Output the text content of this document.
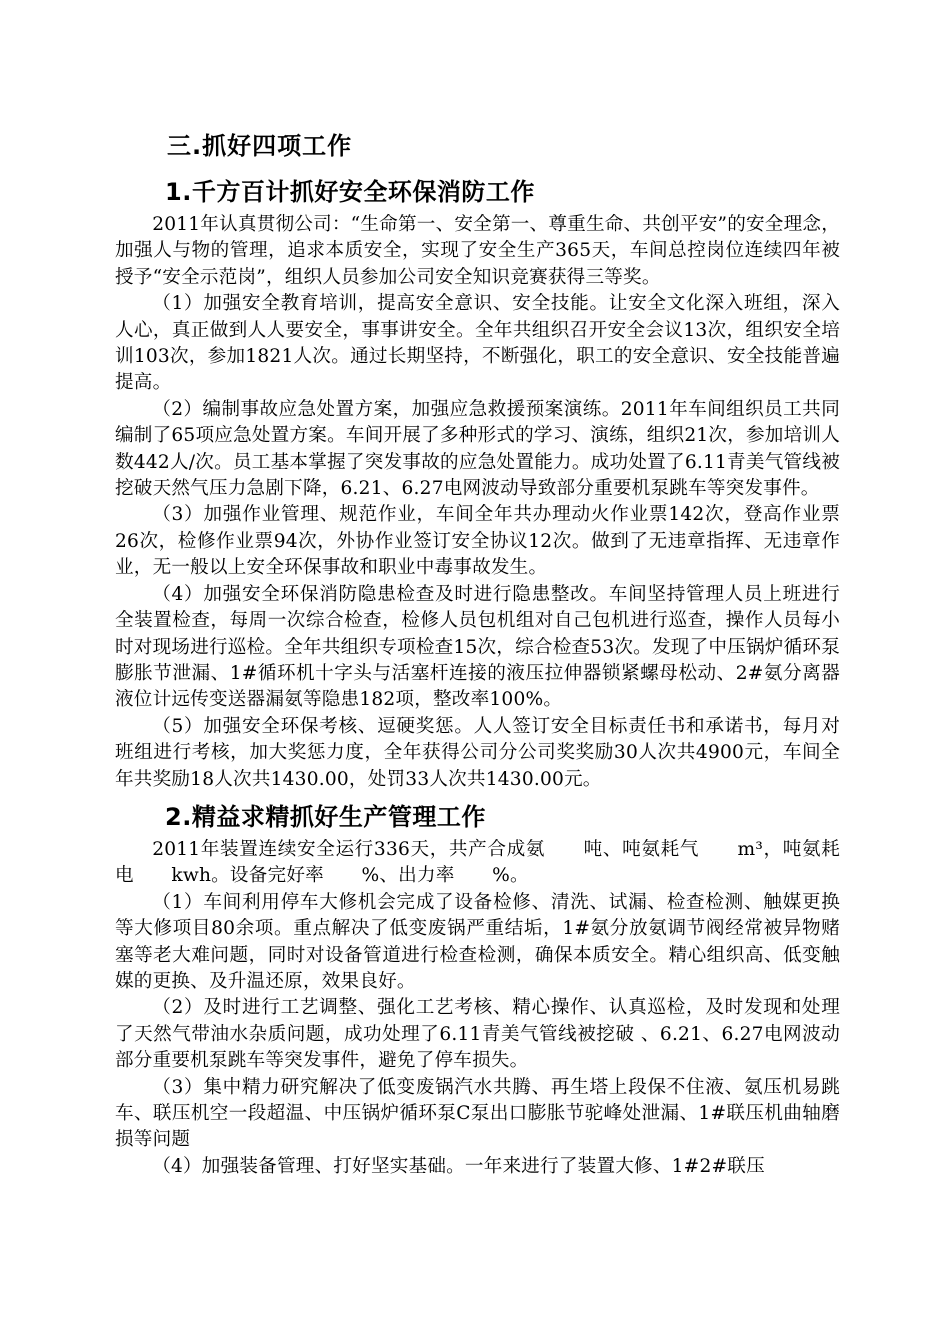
三.抓好四项工作
1.千方百计抓好安全环保消防工作

2011年认真贯彻公司：“生命第一、安全第一、尊重生命、共创平安”的安全理念，加强人与物的管理，追求本质安全，实现了安全生产365天，车间总控岗位连续四年被授予“安全示范岗”，组织人员参加公司安全知识竞赛获得三等奖。

（1）加强安全教育培训，提高安全意识、安全技能。让安全文化深入班组，深入人心，真正做到人人要安全，事事讲安全。全年共组织召开安全会议13次，组织安全培训103次，参加1821人次。通过长期坚持，不断强化，职工的安全意识、安全技能普遍提高。

（2）编制事故应急处置方案，加强应急救援预案演练。2011年车间组织员工共同编制了65项应急处置方案。车间开展了多种形式的学习、演练，组织21次，参加培训人数442人/次。员工基本掌握了突发事故的应急处置能力。成功处置了6.11青美气管线被挖破天然气压力急剧下降，6.21、6.27电网波动导致部分重要机泵跳车等突发事件。

（3）加强作业管理、规范作业，车间全年共办理动火作业票142次，登高作业票26次，检修作业票94次，外协作业签订安全协议12次。做到了无违章指挥、无违章作业，无一般以上安全环保事故和职业中毒事故发生。

（4）加强安全环保消防隐患检查及时进行隐患整改。车间坚持管理人员上班进行全装置检查，每周一次综合检查，检修人员包机组对自己包机进行巡查，操作人员每小时对现场进行巡检。全年共组织专项检查15次，综合检查53次。发现了中压锅炉循环泵膨胀节泄漏、1#循环机十字头与活塞杆连接的液压拉伸器锁紧螺母松动、2#氨分离器液位计远传变送器漏氨等隐患182项，整改率100%。

（5）加强安全环保考核、逗硬奖惩。人人签订安全目标责任书和承诺书，每月对班组进行考核，加大奖惩力度，全年获得公司分公司奖奖励30人次共4900元，车间全年共奖励18人次共1430.00，处罚33人次共1430.00元。

2.精益求精抓好生产管理工作

2011年装置连续安全运行336天，共产合成氨　　吨、吨氨耗气　　m³，吨氨耗电　　kwh。设备完好率　　%、出力率　　%。

（1）车间利用停车大修机会完成了设备检修、清洗、试漏、检查检测、触媒更换等大修项目80余项。重点解决了低变废锅严重结垢，1#氨分放氨调节阀经常被异物赌塞等老大难问题，同时对设备管道进行检查检测，确保本质安全。精心组织高、低变触媒的更换、及升温还原，效果良好。

（2）及时进行工艺调整、强化工艺考核、精心操作、认真巡检，及时发现和处理了天然气带油水杂质问题，成功处理了6.11青美气管线被挖破 、6.21、6.27电网波动部分重要机泵跳车等突发事件，避免了停车损失。

（3）集中精力研究解决了低变废锅汽水共腾、再生塔上段保不住液、氨压机易跳车、联压机空一段超温、中压锅炉循环泵C泵出口膨胀节驼峰处泄漏、1#联压机曲轴磨损等问题

（4）加强装备管理、打好坚实基础。一年来进行了装置大修、1#2#联压
